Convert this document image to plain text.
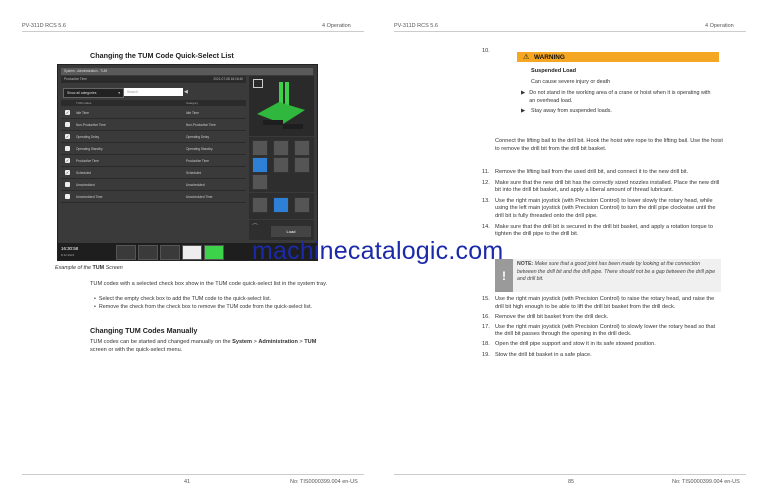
PV-311D RCS 5.6	4 Operation	PV-311D RCS 5.6	4 Operation
Changing the TUM Code Quick-Select List
System - Administration - TUM
Productive Time	2021-07-08 16:16:40
Show all categories	▾	Search	◀
TUM codes	Category
✓ Idle Time	Idle Time
Non-Productive Time	Non-Productive Time
✓ Operating Delay	Operating Delay
Operating Standby	Operating Standby
✓ Productive Time	Productive Time
✓ Scheduled	Scheduled
Unscheduled	Unscheduled
Unscheduled Time	Unscheduled Time
⌒
Load
16:30:58
8.12.2021
Example of the TUM Screen
TUM codes with a selected check box show in the TUM code quick-select list in the system tray.
•  Select the empty check box to add the TUM code to the quick-select list.
•  Remove the check from the check box to remove the TUM code from the quick-select list.
Changing TUM Codes Manually
TUM codes can be started and changed manually on the System > Administration > TUM screen or with the quick-select menu.
41	No: TIS0000399.004 en-US
10.
⚠ WARNING
Suspended Load
Can cause severe injury or death
▶ Do not stand in the working area of a crane or hoist when it is operating with an overhead load.
▶	Stay away from suspended loads.
Connect the lifting bail to the drill bit. Hook the hoist wire rope to the lifting bail. Use the hoist to remove the drill bit from the drill bit basket.
11.	Remove the lifting bail from the used drill bit, and connect it to the new drill bit.
12. Make sure that the new drill bit has the correctly sized nozzles installed. Place the new drill bit into the drill bit basket, and apply a liberal amount of thread lubricant.
13. Use the right main joystick (with Precision Control) to lower slowly the rotary head, while using the left main joystick (with Precision Control) to turn the drill pipe clockwise until the drill bit is fully threaded onto the drill pipe.
14. Make sure that the drill bit is secured in the drill bit basket, and apply a rotation torque to tighten the drill pipe to the drill bit.
!
NOTE: Make sure that a good joint has been made by looking at the connection between the drill bit and the drill pipe. There should not be a gap between the drill pipe and drill bit.
15. Use the right main joystick (with Precision Control) to raise the rotary head, and raise the drill bit high enough to be able to lift the drill bit basket from the drill deck.
16. Remove the drill bit basket from the drill deck.
17. Use the right main joystick (with Precision Control) to slowly lower the rotary head so that the drill bit passes through the opening in the drill deck.
18. Open the drill pipe support and stow it in its safe stowed position.
19. Stow the drill bit basket in a safe place.
machinecatalogic.com
85	No: TIS0000399.004 en-US
